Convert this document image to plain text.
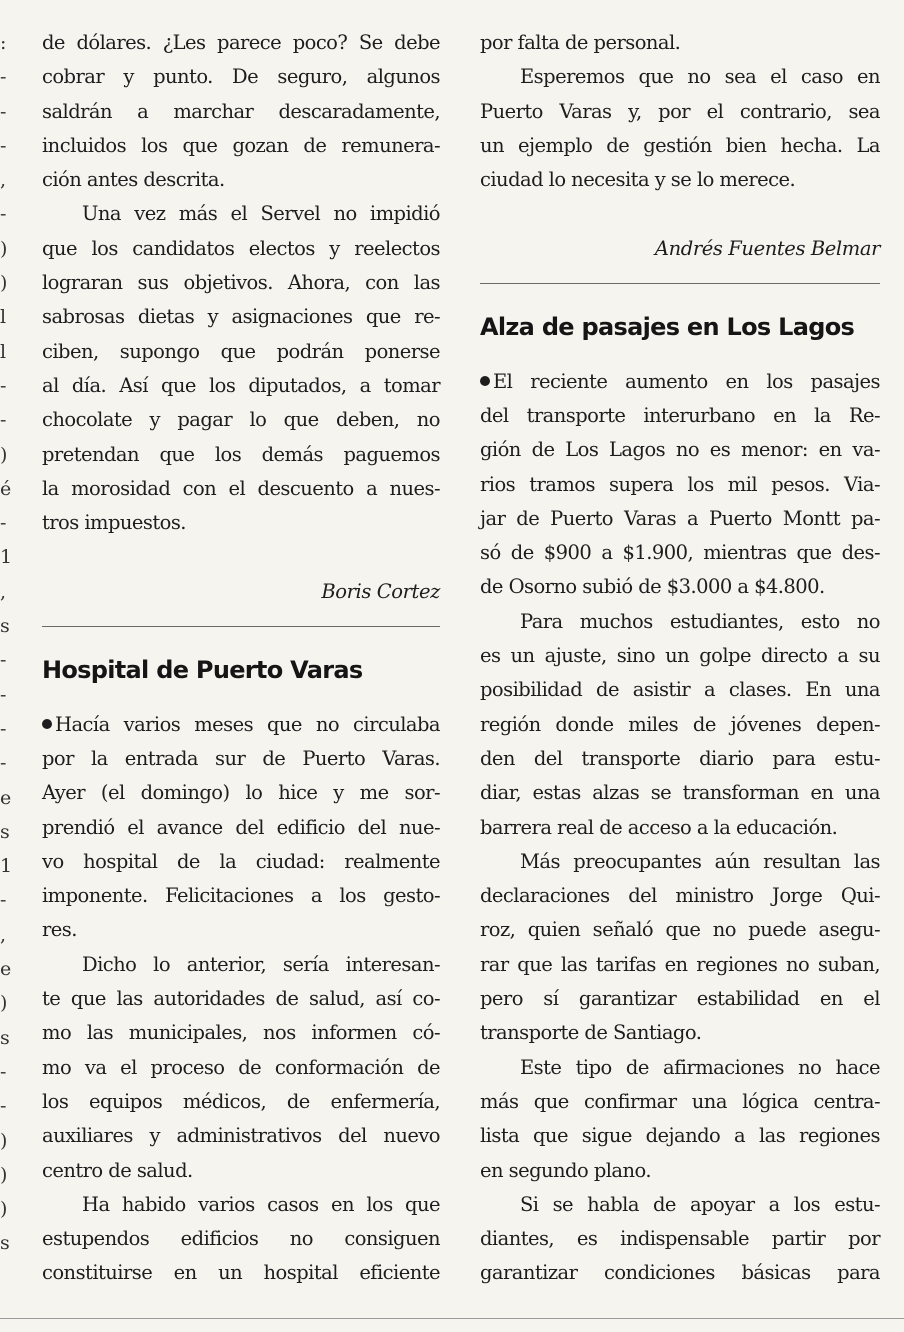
:
-
-
-
,
-
)
)
l
l
-
-
)
é
-
1
,
s
-
-
-
-
e
s
1
-
,
e
)
s
-
-
)
)
)
s
de dólares. ¿Les parece poco? Se debe
cobrar y punto. De seguro, algunos
saldrán a marchar descaradamente,
incluidos los que gozan de remunera-
ción antes descrita.
Una vez más el Servel no impidió
que los candidatos electos y reelectos
lograran sus objetivos. Ahora, con las
sabrosas dietas y asignaciones que re-
ciben, supongo que podrán ponerse
al día. Así que los diputados, a tomar
chocolate y pagar lo que deben, no
pretendan que los demás paguemos
la morosidad con el descuento a nues-
tros impuestos.
Boris Cortez
Hospital de Puerto Varas
Hacía varios meses que no circulaba
por la entrada sur de Puerto Varas.
Ayer (el domingo) lo hice y me sor-
prendió el avance del edificio del nue-
vo hospital de la ciudad: realmente
imponente. Felicitaciones a los gesto-
res.
Dicho lo anterior, sería interesan-
te que las autoridades de salud, así co-
mo las municipales, nos informen có-
mo va el proceso de conformación de
los equipos médicos, de enfermería,
auxiliares y administrativos del nuevo
centro de salud.
Ha habido varios casos en los que
estupendos edificios no consiguen
constituirse en un hospital eficiente
por falta de personal.
Esperemos que no sea el caso en
Puerto Varas y, por el contrario, sea
un ejemplo de gestión bien hecha. La
ciudad lo necesita y se lo merece.
Andrés Fuentes Belmar
Alza de pasajes en Los Lagos
El reciente aumento en los pasajes
del transporte interurbano en la Re-
gión de Los Lagos no es menor: en va-
rios tramos supera los mil pesos. Via-
jar de Puerto Varas a Puerto Montt pa-
só de $900 a $1.900, mientras que des-
de Osorno subió de $3.000 a $4.800.
Para muchos estudiantes, esto no
es un ajuste, sino un golpe directo a su
posibilidad de asistir a clases. En una
región donde miles de jóvenes depen-
den del transporte diario para estu-
diar, estas alzas se transforman en una
barrera real de acceso a la educación.
Más preocupantes aún resultan las
declaraciones del ministro Jorge Qui-
roz, quien señaló que no puede asegu-
rar que las tarifas en regiones no suban,
pero sí garantizar estabilidad en el
transporte de Santiago.
Este tipo de afirmaciones no hace
más que confirmar una lógica centra-
lista que sigue dejando a las regiones
en segundo plano.
Si se habla de apoyar a los estu-
diantes, es indispensable partir por
garantizar condiciones básicas para
